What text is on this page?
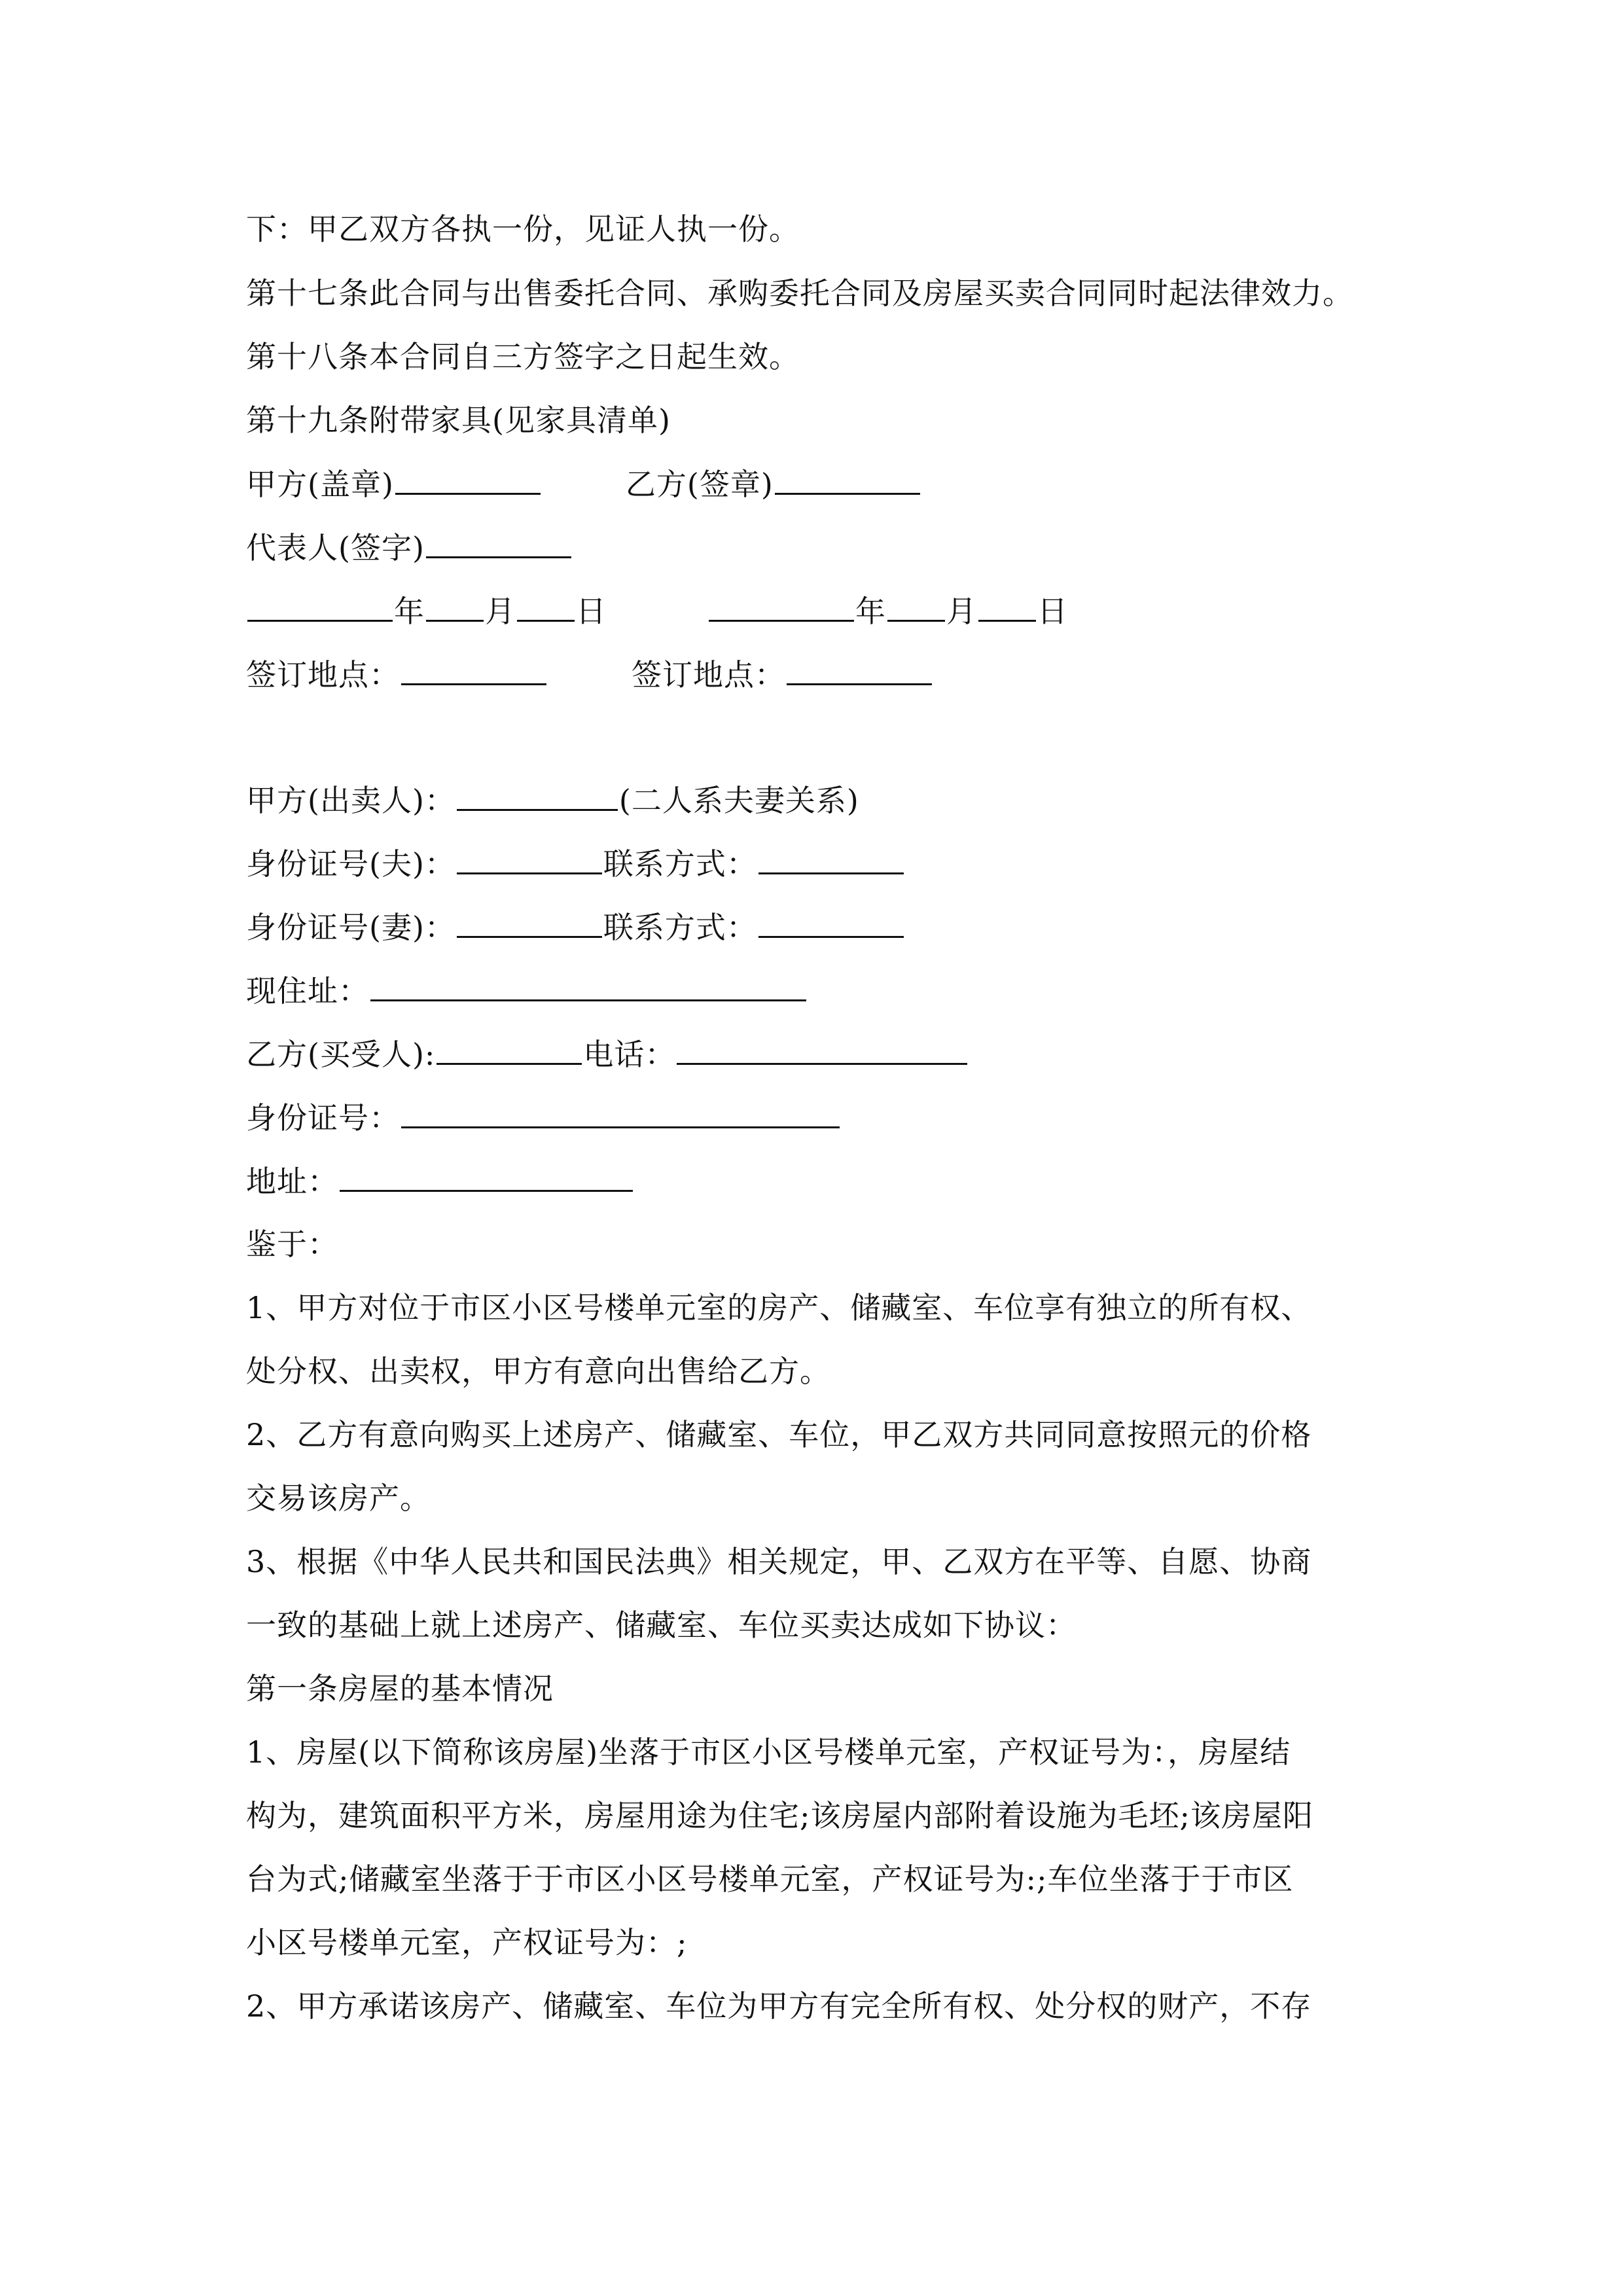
下：甲乙双方各执一份，见证人执一份。
第十七条此合同与出售委托合同、承购委托合同及房屋买卖合同同时起法律效力。
第十八条本合同自三方签字之日起生效。
第十九条附带家具(见家具清单)
甲方(盖章)	乙方(签章)
代表人(签字)
年 月 日	年 月 日
签订地点：	签订地点：
甲方(出卖人)：	(二人系夫妻关系)
身份证号(夫)：	联系方式：
身份证号(妻)：	联系方式：
现住址：
乙方(买受人):	电话：
身份证号：
地址：
鉴于：
1、甲方对位于市区小区号楼单元室的房产、储藏室、车位享有独立的所有权、
处分权、出卖权，甲方有意向出售给乙方。
2、乙方有意向购买上述房产、储藏室、车位，甲乙双方共同同意按照元的价格
交易该房产。
3、根据《中华人民共和国民法典》相关规定，甲、乙双方在平等、自愿、协商
一致的基础上就上述房产、储藏室、车位买卖达成如下协议：
第一条房屋的基本情况
1、房屋(以下简称该房屋)坐落于市区小区号楼单元室，产权证号为：，房屋结
构为，建筑面积平方米，房屋用途为住宅;该房屋内部附着设施为毛坯;该房屋阳
台为式;储藏室坐落于于市区小区号楼单元室，产权证号为:;车位坐落于于市区
小区号楼单元室，产权证号为：;
2、甲方承诺该房产、储藏室、车位为甲方有完全所有权、处分权的财产，不存
